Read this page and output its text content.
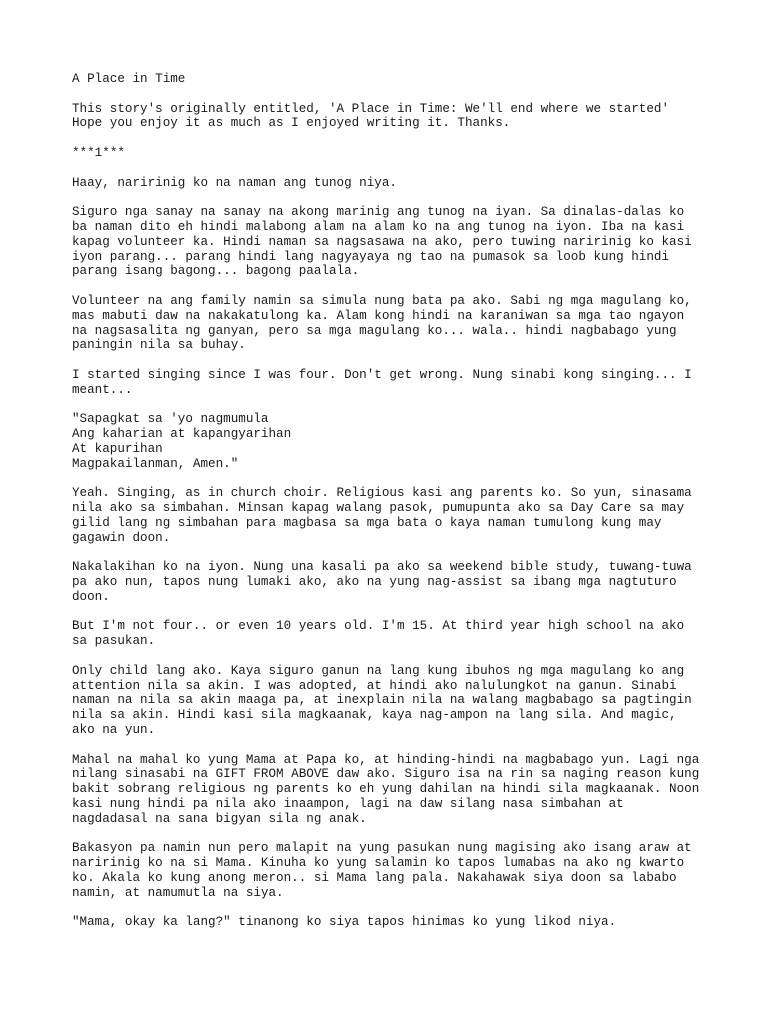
A Place in Time

This story's originally entitled, 'A Place in Time: We'll end where we started'
Hope you enjoy it as much as I enjoyed writing it. Thanks.

***1***

Haay, naririnig ko na naman ang tunog niya.

Siguro nga sanay na sanay na akong marinig ang tunog na iyan. Sa dinalas-dalas ko
ba naman dito eh hindi malabong alam na alam ko na ang tunog na iyon. Iba na kasi
kapag volunteer ka. Hindi naman sa nagsasawa na ako, pero tuwing naririnig ko kasi
iyon parang... parang hindi lang nagyayaya ng tao na pumasok sa loob kung hindi
parang isang bagong... bagong paalala.

Volunteer na ang family namin sa simula nung bata pa ako. Sabi ng mga magulang ko,
mas mabuti daw na nakakatulong ka. Alam kong hindi na karaniwan sa mga tao ngayon
na nagsasalita ng ganyan, pero sa mga magulang ko... wala.. hindi nagbabago yung
paningin nila sa buhay.

I started singing since I was four. Don't get wrong. Nung sinabi kong singing... I
meant...

"Sapagkat sa 'yo nagmumula
Ang kaharian at kapangyarihan
At kapurihan
Magpakailanman, Amen."

Yeah. Singing, as in church choir. Religious kasi ang parents ko. So yun, sinasama
nila ako sa simbahan. Minsan kapag walang pasok, pumupunta ako sa Day Care sa may
gilid lang ng simbahan para magbasa sa mga bata o kaya naman tumulong kung may
gagawin doon.

Nakalakihan ko na iyon. Nung una kasali pa ako sa weekend bible study, tuwang-tuwa
pa ako nun, tapos nung lumaki ako, ako na yung nag-assist sa ibang mga nagtuturo
doon.

But I'm not four.. or even 10 years old. I'm 15. At third year high school na ako
sa pasukan.

Only child lang ako. Kaya siguro ganun na lang kung ibuhos ng mga magulang ko ang
attention nila sa akin. I was adopted, at hindi ako nalulungkot na ganun. Sinabi
naman na nila sa akin maaga pa, at inexplain nila na walang magbabago sa pagtingin
nila sa akin. Hindi kasi sila magkaanak, kaya nag-ampon na lang sila. And magic,
ako na yun.

Mahal na mahal ko yung Mama at Papa ko, at hinding-hindi na magbabago yun. Lagi nga
nilang sinasabi na GIFT FROM ABOVE daw ako. Siguro isa na rin sa naging reason kung
bakit sobrang religious ng parents ko eh yung dahilan na hindi sila magkaanak. Noon
kasi nung hindi pa nila ako inaampon, lagi na daw silang nasa simbahan at
nagdadasal na sana bigyan sila ng anak.

Bakasyon pa namin nun pero malapit na yung pasukan nung magising ako isang araw at
naririnig ko na si Mama. Kinuha ko yung salamin ko tapos lumabas na ako ng kwarto
ko. Akala ko kung anong meron.. si Mama lang pala. Nakahawak siya doon sa lababo
namin, at namumutla na siya.

"Mama, okay ka lang?" tinanong ko siya tapos hinimas ko yung likod niya.
